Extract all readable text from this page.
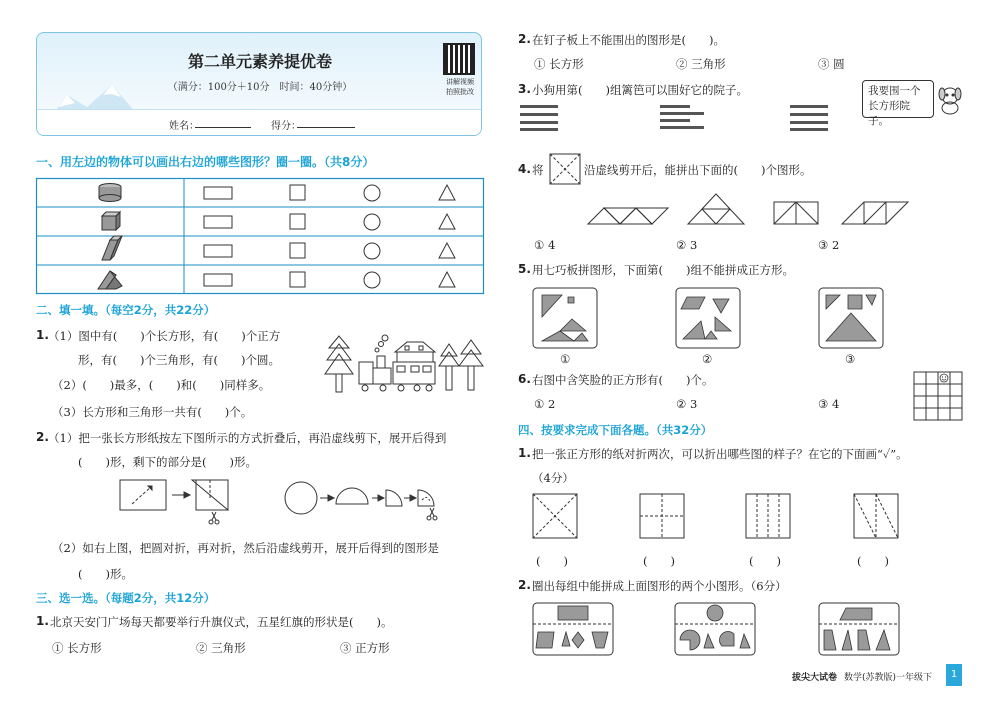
第二单元素养提优卷
（满分：100分＋10分　时间：40分钟）	讲解视频
拍照批改
姓名：	得分：
一、用左边的物体可以画出右边的哪些图形？圈一圈。（共8分）
二、填一填。（每空2分，共22分）
1. （1）图中有(　　)个长方形，有(　　)个正方
形，有(　　)个三角形，有(　　)个圆。
（2）(　　)最多，(　　)和(　　)同样多。
（3）长方形和三角形一共有(　　)个。
2. （1）把一张长方形纸按左下图所示的方式折叠后，再沿虚线剪下，展开后得到
(　　)形，剩下的部分是(　　)形。
（2）如右上图，把圆对折，再对折，然后沿虚线剪开，展开后得到的图形是
(　　)形。
三、选一选。（每题2分，共12分）
1. 北京天安门广场每天都要举行升旗仪式，五星红旗的形状是(　　)。
① 长方形	② 三角形	③ 正方形
2. 在钉子板上不能围出的图形是(　　)。
① 长方形	② 三角形	③ 圆
3. 小狗用第(　　)组篱笆可以围好它的院子。	我要围一个长方形院子。
4. 将	沿虚线剪开后，能拼出下面的(　　)个图形。
① 4	② 3	③ 2
5. 用七巧板拼图形，下面第(　　)组不能拼成正方形。
①	②	③
6. 右图中含笑脸的正方形有(　　)个。
① 2	② 3	③ 4
四、按要求完成下面各题。（共32分）
1. 把一张正方形的纸对折两次，可以折出哪些图的样子？在它的下面画“✓”。
（4分）
(　　)	(　　)	(　　)	(　　)
2. 圈出每组中能拼成上面图形的两个小图形。（6分）
拔尖大试卷 数学(苏教版)一年级下	1
